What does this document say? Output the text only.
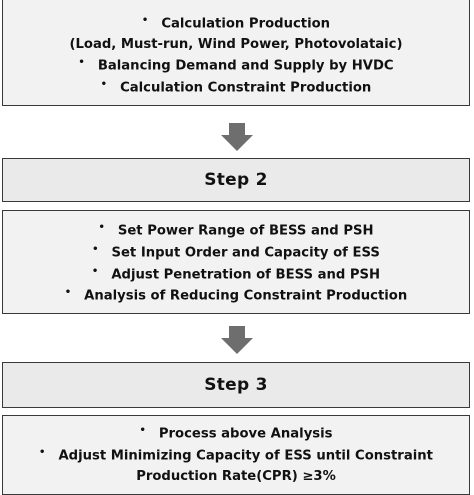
• Calculation Production
(Load, Must-run, Wind Power, Photovolataic)
• Balancing Demand and Supply by HVDC
• Calculation Constraint Production
Step 2
• Set Power Range of BESS and PSH
• Set Input Order and Capacity of ESS
• Adjust Penetration of BESS and PSH
• Analysis of Reducing Constraint Production
Step 3
• Process above Analysis
• Adjust Minimizing Capacity of ESS until Constraint
Production Rate(CPR) ≥3%
